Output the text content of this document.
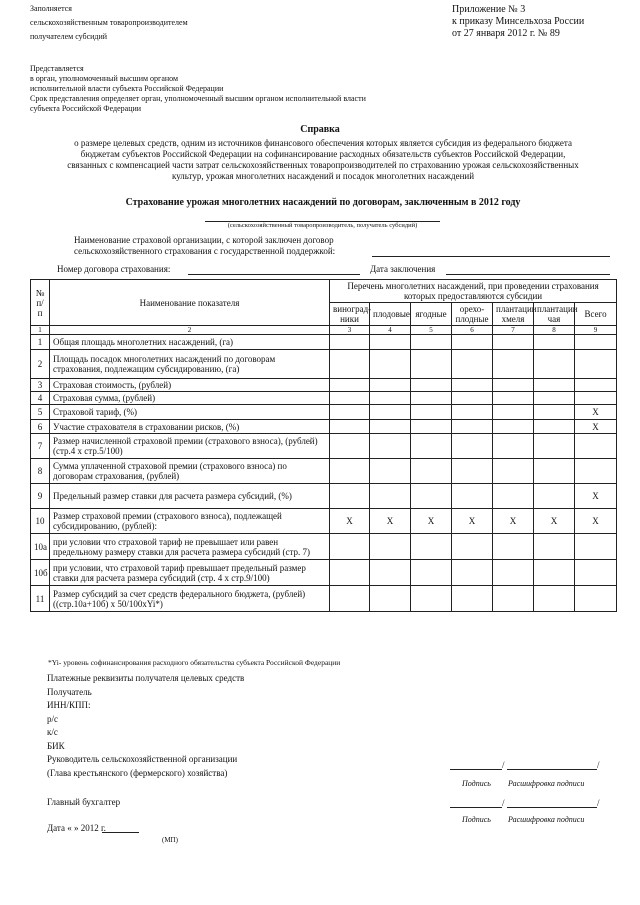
Заполняется
сельскохозяйственным товаропроизводителем
получателем субсидий
Приложение № 3
к приказу Минсельхоза России
от 27 января 2012 г. № 89
Представляется
в орган, уполномоченный высшим органом
исполнительной власти субъекта Российской Федерации
Срок представления определяет орган, уполномоченный высшим органом исполнительной власти
субъекта Российской Федерации
Справка
о размере целевых средств, одним из источников финансового обеспечения которых является субсидия из федерального бюджета
бюджетам субъектов Российской Федерации на софинансирование расходных обязательств субъектов Российской Федерации,
связанных с компенсацией части затрат сельскохозяйственных товаропроизводителей по страхованию урожая сельскохозяйственных
культур, урожая многолетних насаждений и посадок многолетних насаждений
Страхование урожая многолетних насаждений по договорам, заключенным в 2012 году
(сельскохозяйственный товаропроизводитель, получатель субсидий)
Наименование страховой организации, с которой заключен договор
сельскохозяйственного страхования с государственной поддержкой:
Номер договора страхования:	Дата заключения
№ п/п	Наименование показателя	Перечень многолетних насаждений, при проведении страхования которых предоставляются субсидии						
		виноград-ники	плодовые	ягодные	орехо-плодные	плантации хмеля	плантации чая	Всего
1	2	3	4	5	6	7	8	9
1	Общая площадь многолетних насаждений, (га)							
2	Площадь посадок многолетних насаждений по договорам страхования, подлежащим субсидированию, (га)							
3	Страховая стоимость, (рублей)							
4	Страховая сумма, (рублей)							
5	Страховой тариф, (%)							X
6	Участие страхователя в страховании рисков, (%)							X
7	Размер начисленной страховой премии (страхового взноса), (рублей) (стр.4 х стр.5/100)							
8	Сумма уплаченной страховой премии (страхового взноса) по договорам страхования, (рублей)							
9	Предельный размер ставки для расчета размера субсидий, (%)							X
10	Размер страховой премии (страхового взноса), подлежащей субсидированию, (рублей):	X	X	X	X	X	X	X
10а	при условии что страховой тариф не превышает или равен предельному размеру ставки для расчета размера субсидий (стр. 7)							
10б	при условии, что страховой тариф превышает предельный размер ставки для расчета размера субсидий (стр. 4 х стр.9/100)							
11	Размер субсидий за счет средств федерального бюджета, (рублей) ((стр.10а+10б) х 50/100хYi*)							
*Yi- уровень софинансирования расходного обязательства субъекта Российской Федерации
Платежные реквизиты получателя целевых средств
Получатель
ИНН/КПП:
р/с
к/с
БИК
Руководитель сельскохозяйственной организации
(Глава крестьянского (фермерского) хозяйства)
/	/
Подпись Расшифровка подписи
Главный бухгалтер	/	/
Подпись Расшифровка подписи
Дата « » 2012 г.
(МП)
